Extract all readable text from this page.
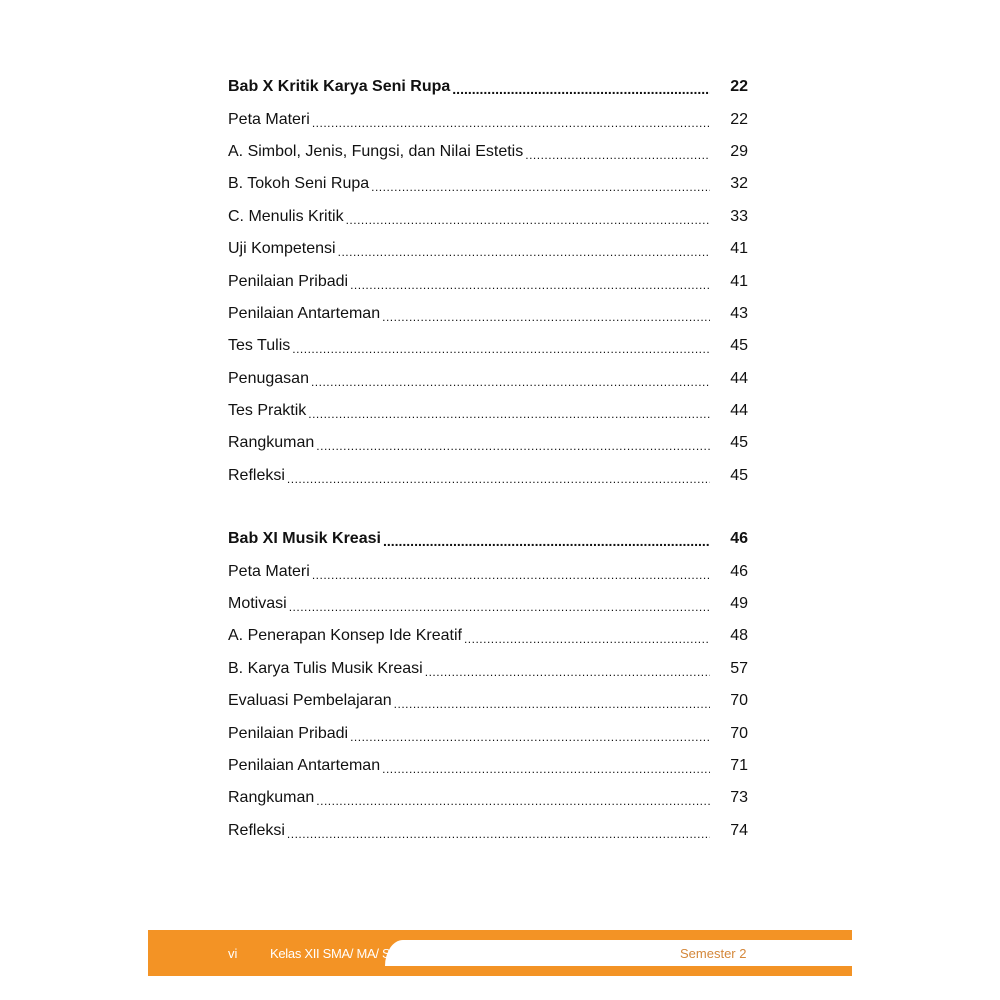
Bab X Kritik Karya Seni Rupa .....	22
Peta Materi .....	22
A. Simbol, Jenis, Fungsi, dan Nilai Estetis .....	29
B. Tokoh Seni Rupa .....	32
C. Menulis Kritik .....	33
Uji Kompetensi .....	41
Penilaian Pribadi .....	41
Penilaian Antarteman .....	43
Tes Tulis .....	45
Penugasan .....	44
Tes Praktik .....	44
Rangkuman .....	45
Refleksi .....	45
Bab XI Musik Kreasi .....	46
Peta Materi .....	46
Motivasi .....	49
A. Penerapan Konsep Ide Kreatif .....	48
B. Karya Tulis Musik Kreasi .....	57
Evaluasi Pembelajaran .....	70
Penilaian Pribadi .....	70
Penilaian Antarteman .....	71
Rangkuman .....	73
Refleksi .....	74
vi	Kelas XII SMA/ MA/ SMK/ MAK	Semester 2
